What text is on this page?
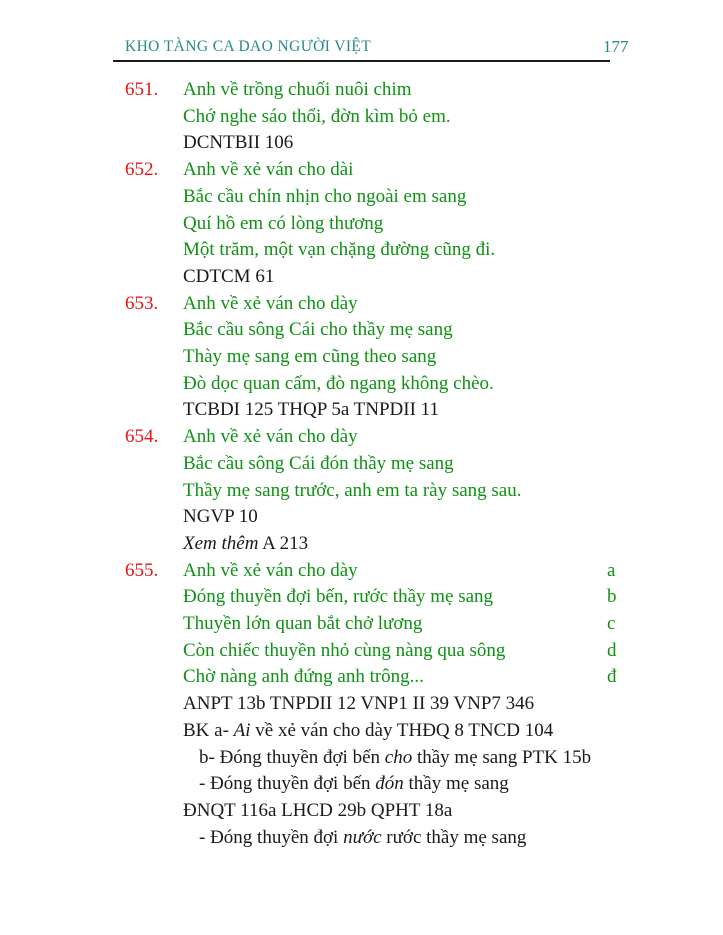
KHO TÀNG CA DAO NGƯỜI VIỆT	177
651.	Anh về trồng chuối nuôi chim
Chớ nghe sáo thổi, đờn kìm bỏ em.
DCNTBII 106
652.	Anh về xẻ ván cho dài
Bắc cầu chín nhịn cho ngoài em sang
Quí hồ em có lòng thương
Một trăm, một vạn chặng đường cũng đi.
CDTCM 61
653.	Anh về xẻ ván cho dày
Bắc cầu sông Cái cho thầy mẹ sang
Thày mẹ sang em cũng theo sang
Đò dọc quan cấm, đò ngang không chèo.
TCBDI 125 THQP 5a TNPDII 11
654.	Anh về xẻ ván cho dày
Bắc cầu sông Cái đón thầy mẹ sang
Thầy mẹ sang trước, anh em ta rày sang sau.
NGVP 10
Xem thêm A 213
655.	Anh về xẻ ván cho dày	a
Đóng thuyền đợi bến, rước thầy mẹ sang	b
Thuyền lớn quan bắt chở lương	c
Còn chiếc thuyền nhỏ cùng nàng qua sông	d
Chờ nàng anh đứng anh trông...	đ
ANPT 13b TNPDII 12 VNP1 II 39 VNP7 346
BK a- Ai về xẻ ván cho dày THĐQ 8 TNCD 104
b- Đóng thuyền đợi bến cho thầy mẹ sang PTK 15b
- Đóng thuyền đợi bến đón thầy mẹ sang
ĐNQT 116a LHCD 29b QPHT 18a
- Đóng thuyền đợi nước rước thầy mẹ sang
